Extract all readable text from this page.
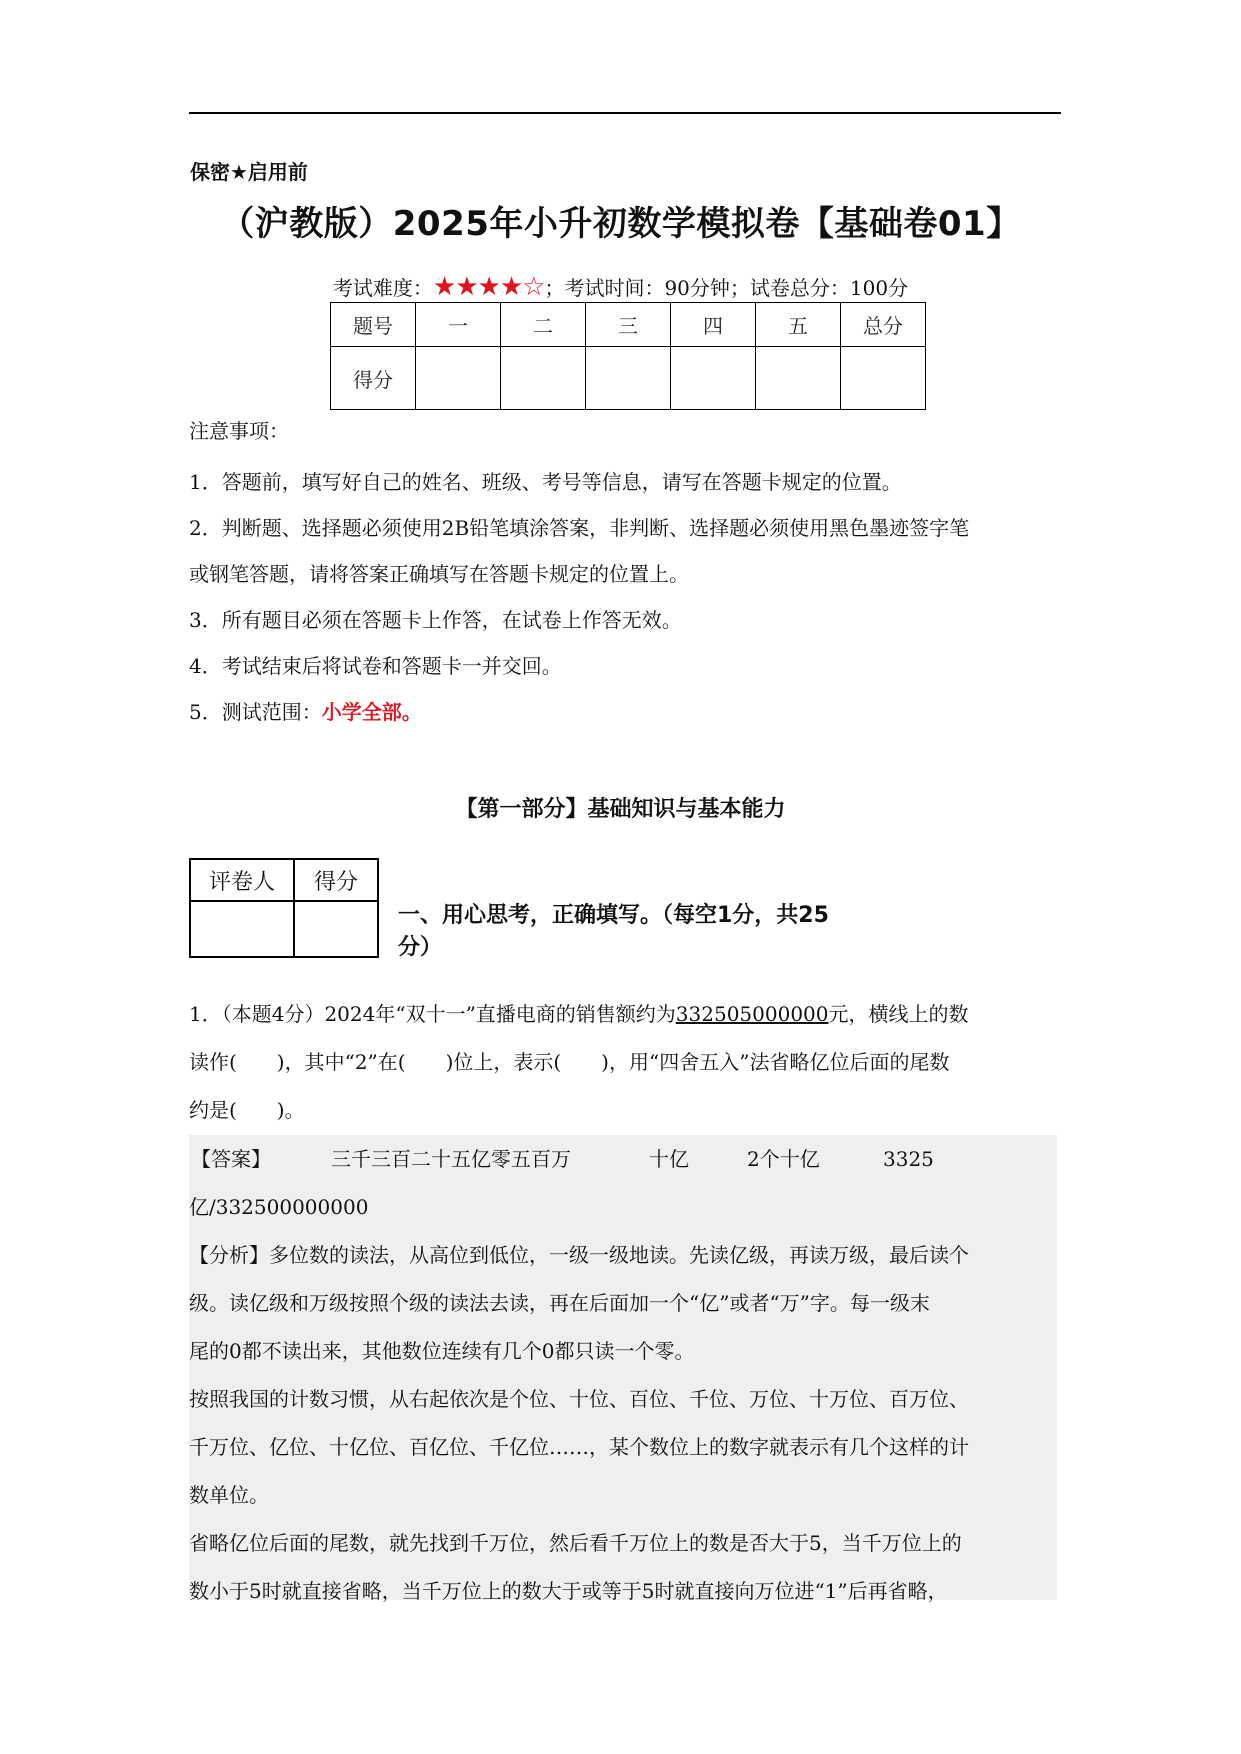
保密★启用前
（沪教版）2025年小升初数学模拟卷【基础卷01】
考试难度：★★★★☆；考试时间：90分钟；试卷总分：100分
题号	一	二	三	四	五	总分
得分						

注意事项：

1．答题前，填写好自己的姓名、班级、考号等信息，请写在答题卡规定的位置。

2．判断题、选择题必须使用2B铅笔填涂答案，非判断、选择题必须使用黑色墨迹签字笔

或钢笔答题，请将答案正确填写在答题卡规定的位置上。

3．所有题目必须在答题卡上作答，在试卷上作答无效。

4．考试结束后将试卷和答题卡一并交回。

5．测试范围：小学全部。

【第一部分】基础知识与基本能力
评卷人	得分

一、用心思考，正确填写。（每空1分，共25
分）
1．（本题4分）2024年“双十一”直播电商的销售额约为332505000000元，横线上的数
读作(　　)，其中“2”在(　　)位上，表示(　　)，用“四舍五入”法省略亿位后面的尾数
约是(　　)。
【答案】	三千三百二十五亿零五百万	十亿	2个十亿	3325
亿/332500000000
【分析】多位数的读法，从高位到低位，一级一级地读。先读亿级，再读万级，最后读个
级。读亿级和万级按照个级的读法去读，再在后面加一个“亿”或者“万”字。每一级末
尾的0都不读出来，其他数位连续有几个0都只读一个零。
按照我国的计数习惯，从右起依次是个位、十位、百位、千位、万位、十万位、百万位、
千万位、亿位、十亿位、百亿位、千亿位……，某个数位上的数字就表示有几个这样的计
数单位。
省略亿位后面的尾数，就先找到千万位，然后看千万位上的数是否大于5，当千万位上的
数小于5时就直接省略，当千万位上的数大于或等于5时就直接向万位进“1”后再省略，
